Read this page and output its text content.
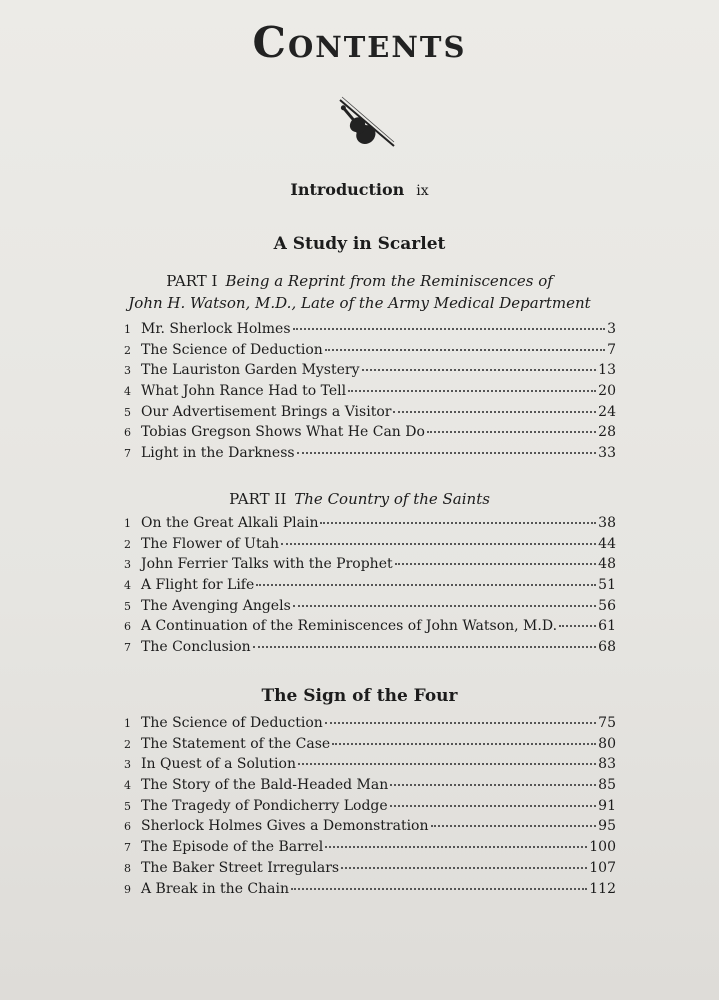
Contents
Introduction ix
A Study in Scarlet
PART I Being a Reprint from the Reminiscences of
John H. Watson, M.D., Late of the Army Medical Department
1 Mr. Sherlock Holmes	3
2 The Science of Deduction	7
3 The Lauriston Garden Mystery	13
4 What John Rance Had to Tell	20
5 Our Advertisement Brings a Visitor	24
6 Tobias Gregson Shows What He Can Do	28
7 Light in the Darkness	33
PART II The Country of the Saints
1 On the Great Alkali Plain	38
2 The Flower of Utah	44
3 John Ferrier Talks with the Prophet	48
4 A Flight for Life	51
5 The Avenging Angels	56
6 A Continuation of the Reminiscences of John Watson, M.D.	61
7 The Conclusion	68
The Sign of the Four
1 The Science of Deduction	75
2 The Statement of the Case	80
3 In Quest of a Solution	83
4 The Story of the Bald-Headed Man	85
5 The Tragedy of Pondicherry Lodge	91
6 Sherlock Holmes Gives a Demonstration	95
7 The Episode of the Barrel	100
8 The Baker Street Irregulars	107
9 A Break in the Chain	112
